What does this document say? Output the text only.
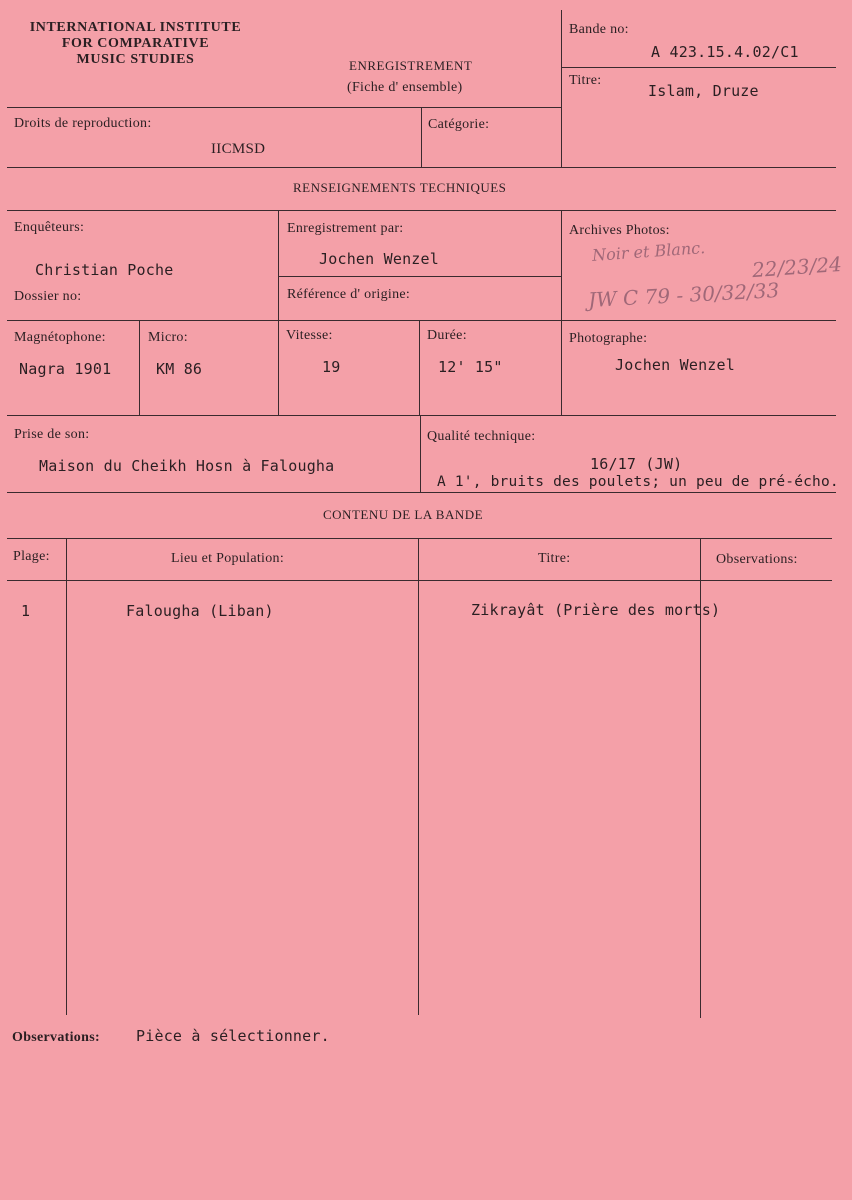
INTERNATIONAL INSTITUTE
FOR COMPARATIVE
MUSIC STUDIES	ENREGISTREMENT
(Fiche d' ensemble)
Bande no:
A 423.15.4.02/C1
Titre:
Islam, Druze
Droits de reproduction:
IICMSD
Catégorie:
RENSEIGNEMENTS TECHNIQUES
Enquêteurs:
Christian Poche
Dossier no:
Enregistrement par:
Jochen Wenzel
Référence d' origine:
Archives Photos:
Noir et Blanc.
22/23/24
JW C 79 - 30/32/33
Magnétophone:
Nagra 1901
Micro:
KM 86
Vitesse:
19
Durée:
12' 15"
Photographe:
Jochen Wenzel
Prise de son:
Maison du Cheikh Hosn à Falougha
Qualité technique:
16/17 (JW)
A 1', bruits des poulets; un peu de pré-écho.
CONTENU DE LA BANDE
Plage:	Lieu et Population:	Titre:	Observations:
1	Falougha (Liban)	Zikrayât (Prière des morts)
Observations: Pièce à sélectionner.
